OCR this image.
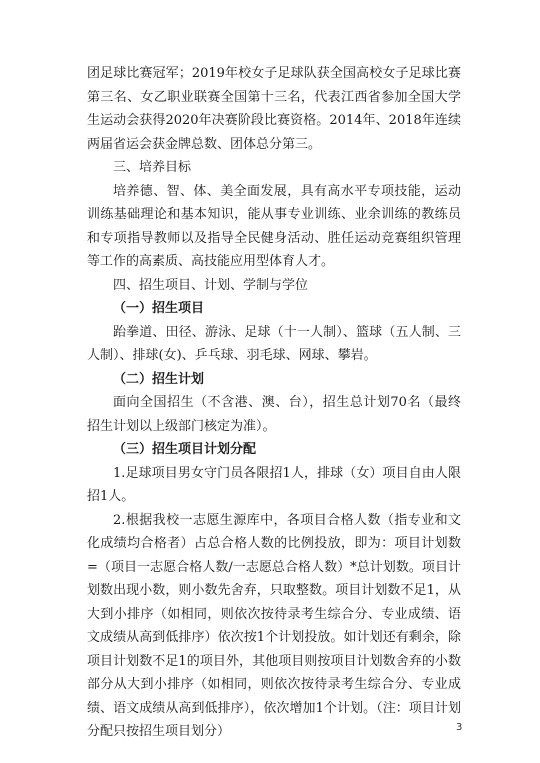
团足球比赛冠军；2019年校女子足球队获全国高校女子足球比赛第三名、女乙职业联赛全国第十三名，代表江西省参加全国大学生运动会获得2020年决赛阶段比赛资格。2014年、2018年连续两届省运会获金牌总数、团体总分第三。

三、培养目标

培养德、智、体、美全面发展，具有高水平专项技能，运动训练基础理论和基本知识，能从事专业训练、业余训练的教练员和专项指导教师以及指导全民健身活动、胜任运动竞赛组织管理等工作的高素质、高技能应用型体育人才。

四、招生项目、计划、学制与学位

（一）招生项目

跆拳道、田径、游泳、足球（十一人制）、篮球（五人制、三人制）、排球(女)、乒乓球、羽毛球、网球、攀岩。

（二）招生计划

面向全国招生（不含港、澳、台），招生总计划70名（最终招生计划以上级部门核定为准）。

（三）招生项目计划分配

1.足球项目男女守门员各限招1人，排球（女）项目自由人限招1人。

2.根据我校一志愿生源库中，各项目合格人数（指专业和文化成绩均合格者）占总合格人数的比例投放，即为：项目计划数=（项目一志愿合格人数/一志愿总合格人数）*总计划数。项目计划数出现小数，则小数先舍弃，只取整数。项目计划数不足1，从大到小排序（如相同，则依次按待录考生综合分、专业成绩、语文成绩从高到低排序）依次按1个计划投放。如计划还有剩余，除项目计划数不足1的项目外，其他项目则按项目计划数舍弃的小数部分从大到小排序（如相同，则依次按待录考生综合分、专业成绩、语文成绩从高到低排序），依次增加1个计划。（注：项目计划分配只按招生项目划分）	3
